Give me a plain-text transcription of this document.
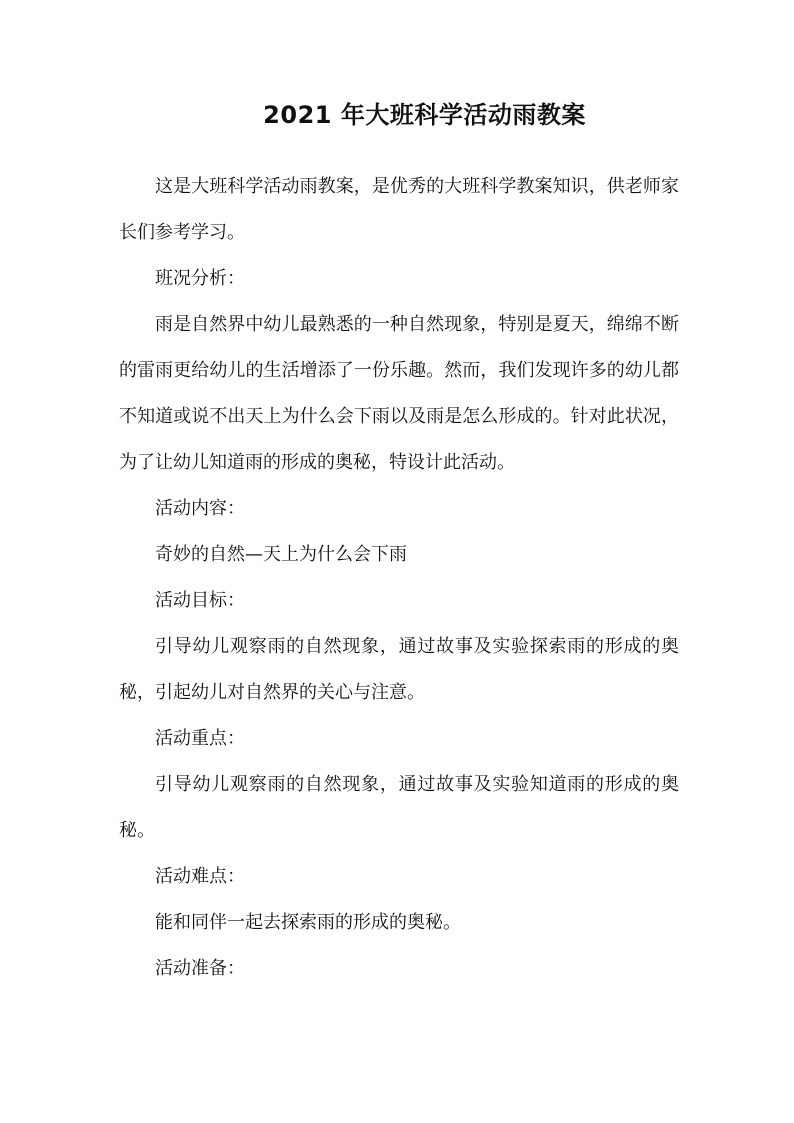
2021 年大班科学活动雨教案

这是大班科学活动雨教案，是优秀的大班科学教案知识，供老师家长们参考学习。

班况分析：

雨是自然界中幼儿最熟悉的一种自然现象，特别是夏天，绵绵不断的雷雨更给幼儿的生活增添了一份乐趣。然而，我们发现许多的幼儿都不知道或说不出天上为什么会下雨以及雨是怎么形成的。针对此状况，为了让幼儿知道雨的形成的奥秘，特设计此活动。

活动内容：

奇妙的自然—天上为什么会下雨

活动目标：

引导幼儿观察雨的自然现象，通过故事及实验探索雨的形成的奥秘，引起幼儿对自然界的关心与注意。

活动重点：

引导幼儿观察雨的自然现象，通过故事及实验知道雨的形成的奥秘。

活动难点：

能和同伴一起去探索雨的形成的奥秘。

活动准备：
